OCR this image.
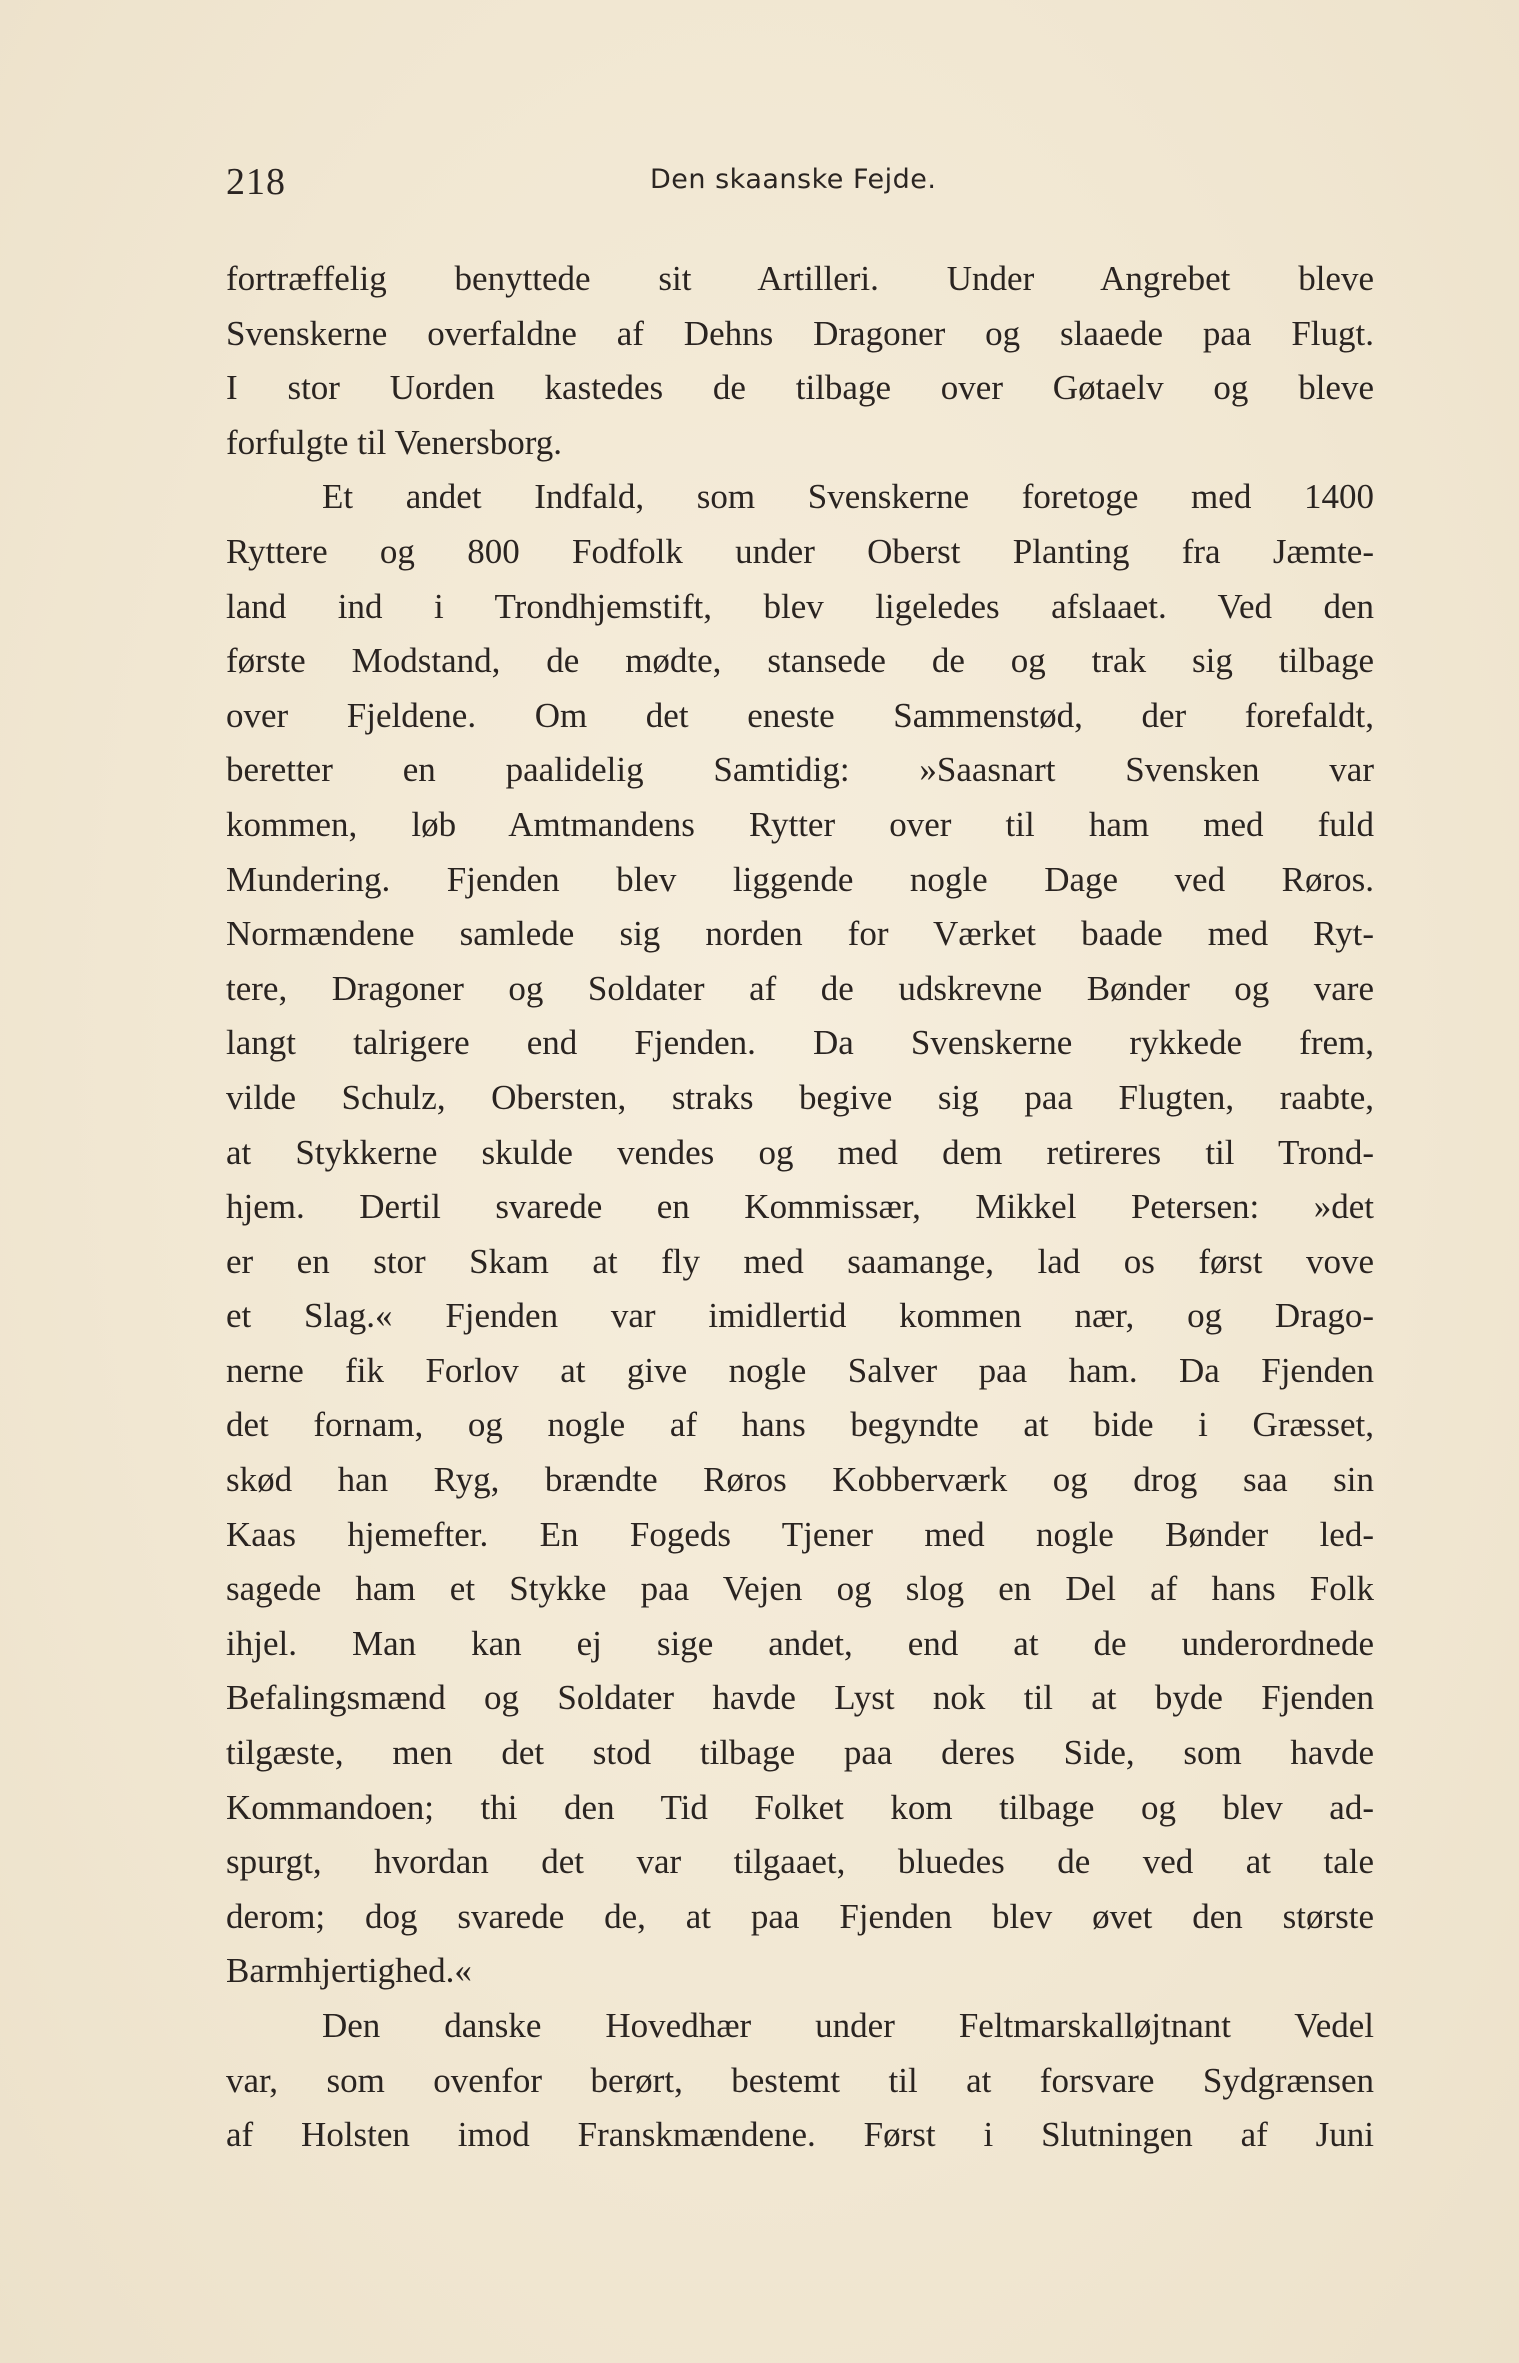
218	Den skaanske Fejde.
fortræffelig benyttede sit Artilleri. Under Angrebet bleve
Svenskerne overfaldne af Dehns Dragoner og slaaede paa Flugt.
I stor Uorden kastedes de tilbage over Gøtaelv og bleve
forfulgte til Venersborg.
Et andet Indfald, som Svenskerne foretoge med 1400
Ryttere og 800 Fodfolk under Oberst Planting fra Jæmte-
land ind i Trondhjemstift, blev ligeledes afslaaet. Ved den
første Modstand, de mødte, stansede de og trak sig tilbage
over Fjeldene. Om det eneste Sammenstød, der forefaldt,
beretter en paalidelig Samtidig: »Saasnart Svensken var
kommen, løb Amtmandens Rytter over til ham med fuld
Mundering. Fjenden blev liggende nogle Dage ved Røros.
Normændene samlede sig norden for Værket baade med Ryt-
tere, Dragoner og Soldater af de udskrevne Bønder og vare
langt talrigere end Fjenden. Da Svenskerne rykkede frem,
vilde Schulz, Obersten, straks begive sig paa Flugten, raabte,
at Stykkerne skulde vendes og med dem retireres til Trond-
hjem. Dertil svarede en Kommissær, Mikkel Petersen: »det
er en stor Skam at fly med saamange, lad os først vove
et Slag.« Fjenden var imidlertid kommen nær, og Drago-
nerne fik Forlov at give nogle Salver paa ham. Da Fjenden
det fornam, og nogle af hans begyndte at bide i Græsset,
skød han Ryg, brændte Røros Kobberværk og drog saa sin
Kaas hjemefter. En Fogeds Tjener med nogle Bønder led-
sagede ham et Stykke paa Vejen og slog en Del af hans Folk
ihjel. Man kan ej sige andet, end at de underordnede
Befalingsmænd og Soldater havde Lyst nok til at byde Fjenden
tilgæste, men det stod tilbage paa deres Side, som havde
Kommandoen; thi den Tid Folket kom tilbage og blev ad-
spurgt, hvordan det var tilgaaet, bluedes de ved at tale
derom; dog svarede de, at paa Fjenden blev øvet den største
Barmhjertighed.«
Den danske Hovedhær under Feltmarskalløjtnant Vedel
var, som ovenfor berørt, bestemt til at forsvare Sydgrænsen
af Holsten imod Franskmændene. Først i Slutningen af Juni
